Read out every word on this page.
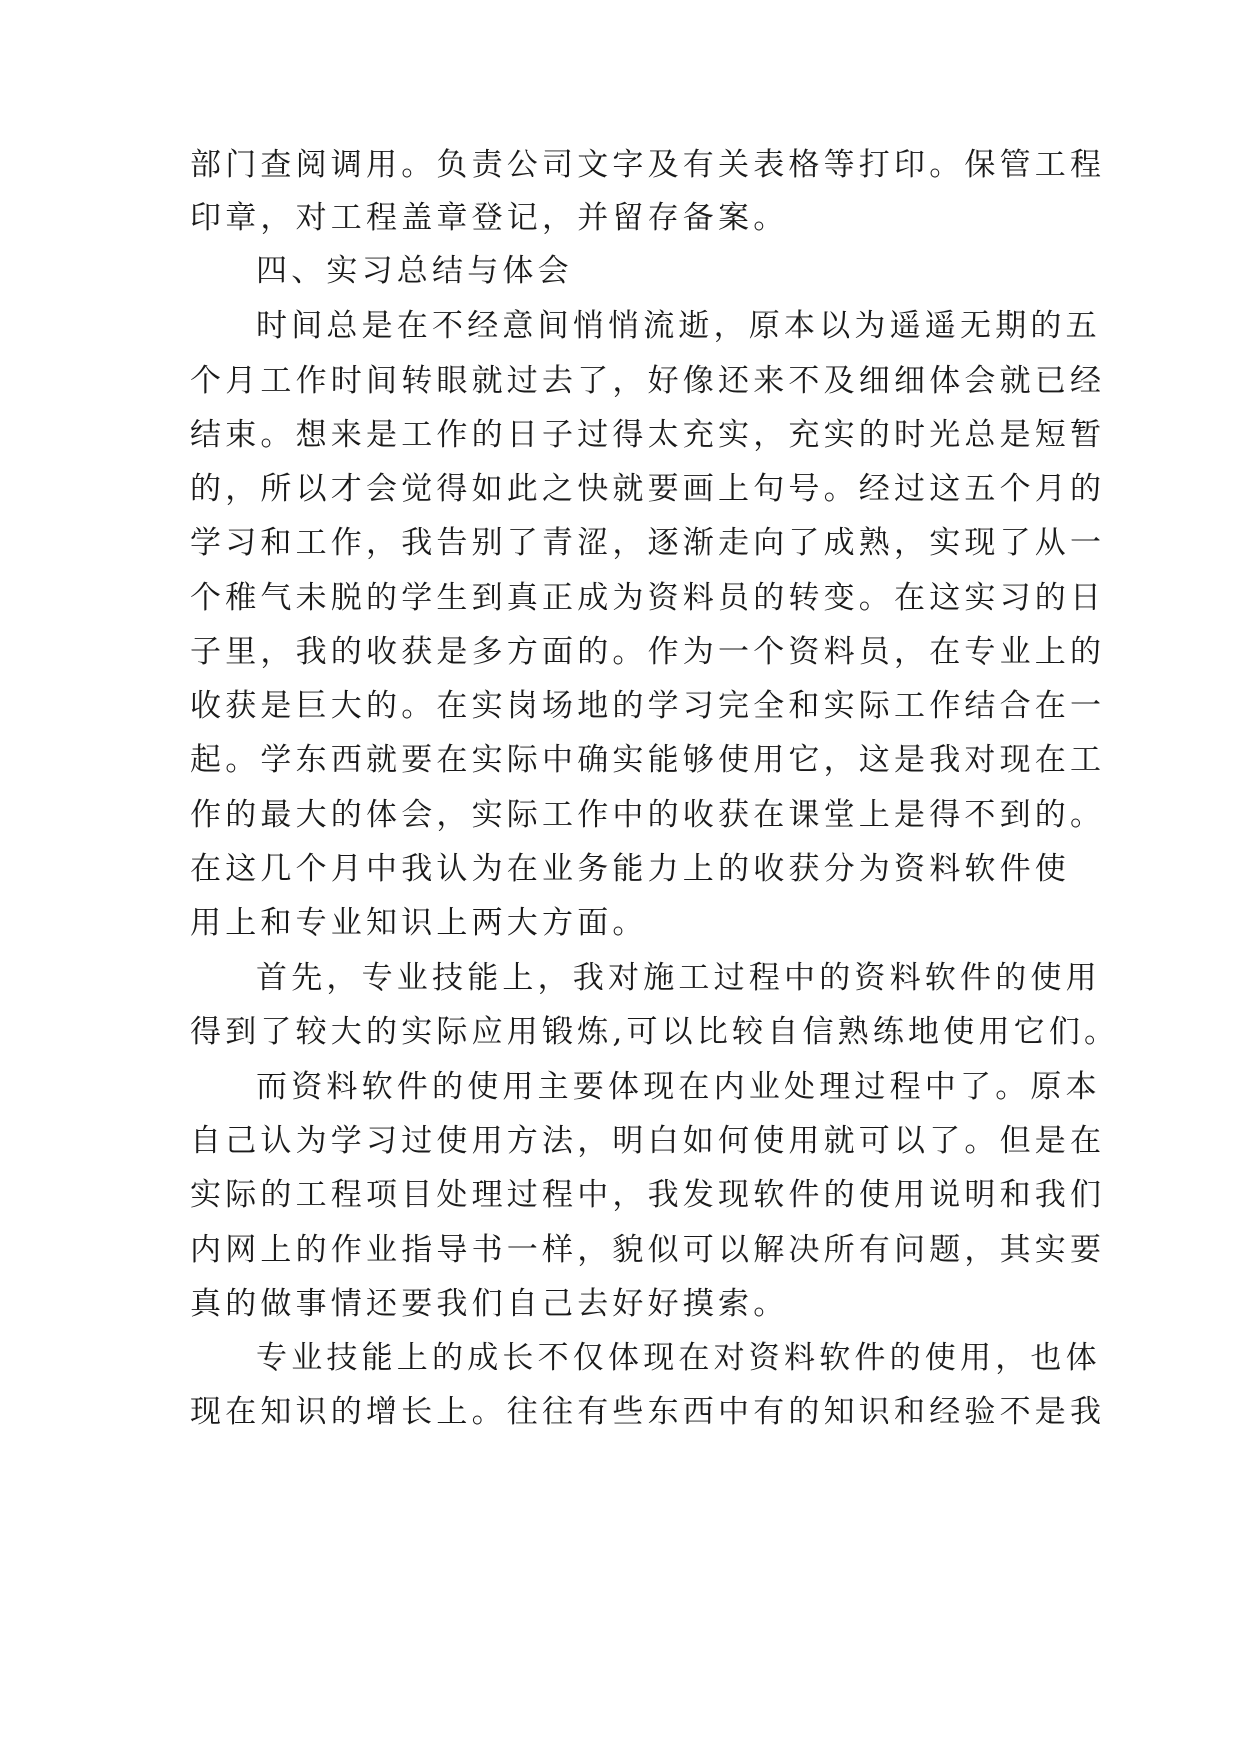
部门查阅调用。负责公司文字及有关表格等打印。保管工程
印章，对工程盖章登记，并留存备案。
四、实习总结与体会
时间总是在不经意间悄悄流逝，原本以为遥遥无期的五
个月工作时间转眼就过去了，好像还来不及细细体会就已经
结束。想来是工作的日子过得太充实，充实的时光总是短暂
的，所以才会觉得如此之快就要画上句号。经过这五个月的
学习和工作，我告别了青涩，逐渐走向了成熟，实现了从一
个稚气未脱的学生到真正成为资料员的转变。在这实习的日
子里，我的收获是多方面的。作为一个资料员，在专业上的
收获是巨大的。在实岗场地的学习完全和实际工作结合在一
起。学东西就要在实际中确实能够使用它，这是我对现在工
作的最大的体会，实际工作中的收获在课堂上是得不到的。
在这几个月中我认为在业务能力上的收获分为资料软件使
用上和专业知识上两大方面。
首先，专业技能上，我对施工过程中的资料软件的使用
得到了较大的实际应用锻炼,可以比较自信熟练地使用它们。
而资料软件的使用主要体现在内业处理过程中了。原本
自己认为学习过使用方法，明白如何使用就可以了。但是在
实际的工程项目处理过程中，我发现软件的使用说明和我们
内网上的作业指导书一样，貌似可以解决所有问题，其实要
真的做事情还要我们自己去好好摸索。
专业技能上的成长不仅体现在对资料软件的使用，也体
现在知识的增长上。往往有些东西中有的知识和经验不是我
